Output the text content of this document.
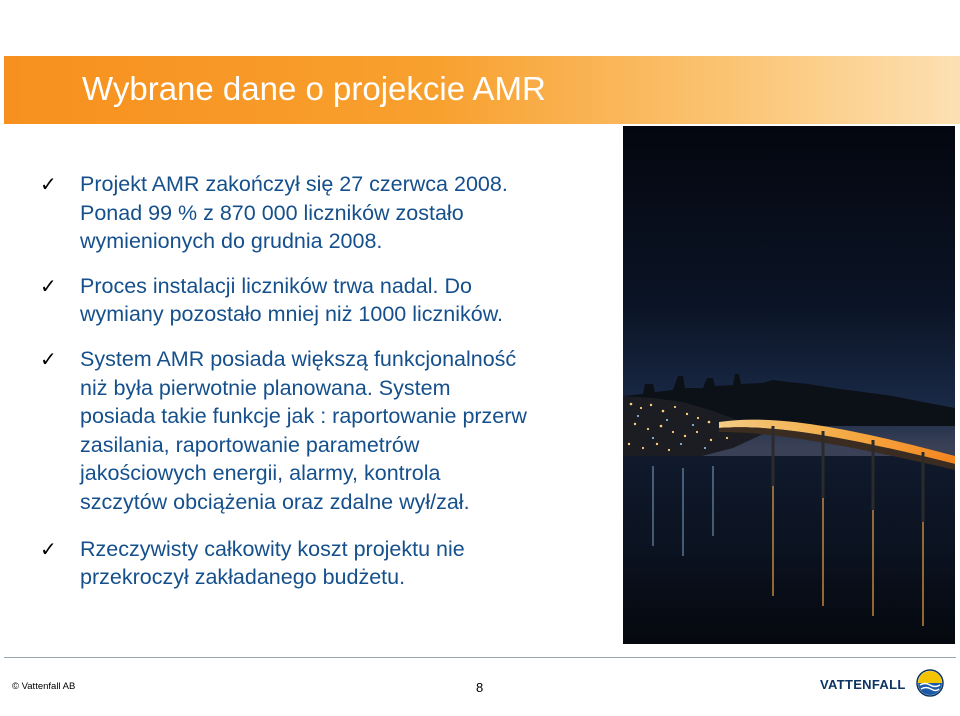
Wybrane dane o projekcie AMR
✓ Projekt AMR zakończył się 27 czerwca 2008.
Ponad 99 % z 870 000 liczników zostało
wymienionych do grudnia 2008.
✓ Proces instalacji liczników trwa nadal. Do
wymiany pozostało mniej niż 1000 liczników.
✓ System AMR posiada większą funkcjonalność
niż była pierwotnie planowana. System
posiada takie funkcje jak : raportowanie przerw
zasilania, raportowanie parametrów
jakościowych energii, alarmy, kontrola
szczytów obciążenia oraz zdalne wył/zał.
✓ Rzeczywisty całkowity koszt projektu nie
przekroczył zakładanego budżetu.
© Vattenfall AB	8	VATTENFALL
